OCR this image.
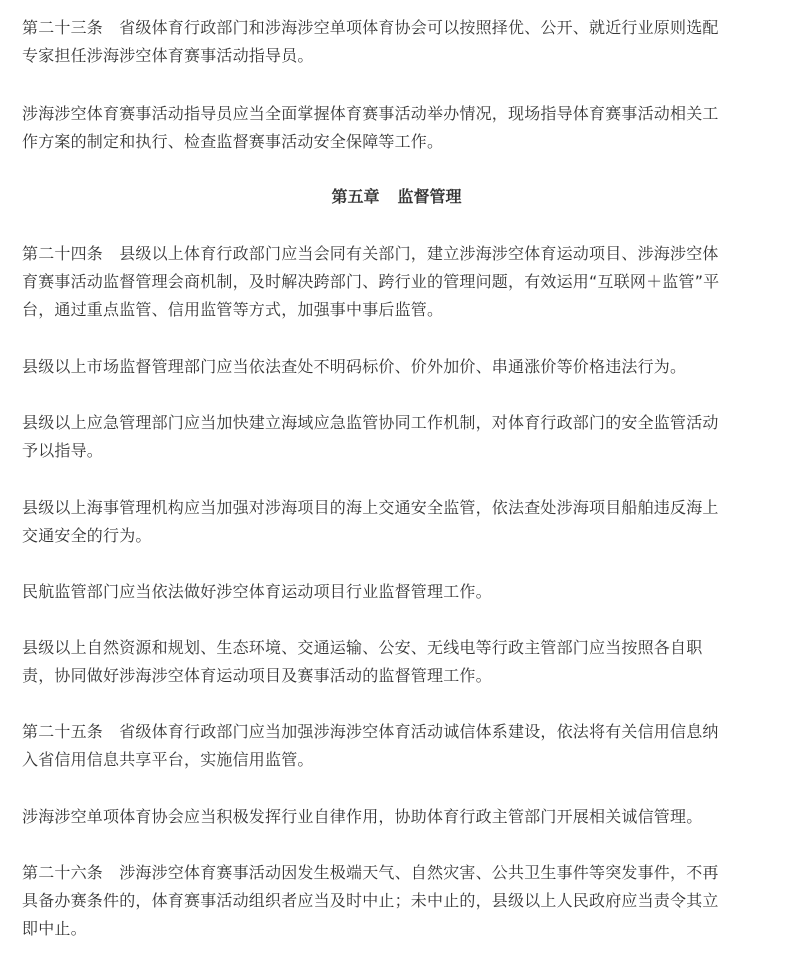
第二十三条　省级体育行政部门和涉海涉空单项体育协会可以按照择优、公开、就近行业原则选配
专家担任涉海涉空体育赛事活动指导员。

涉海涉空体育赛事活动指导员应当全面掌握体育赛事活动举办情况，现场指导体育赛事活动相关工
作方案的制定和执行、检查监督赛事活动安全保障等工作。

第五章 监督管理

第二十四条　县级以上体育行政部门应当会同有关部门，建立涉海涉空体育运动项目、涉海涉空体
育赛事活动监督管理会商机制，及时解决跨部门、跨行业的管理问题，有效运用“互联网＋监管”平
台，通过重点监管、信用监管等方式，加强事中事后监管。

县级以上市场监督管理部门应当依法查处不明码标价、价外加价、串通涨价等价格违法行为。

县级以上应急管理部门应当加快建立海域应急监管协同工作机制，对体育行政部门的安全监管活动
予以指导。

县级以上海事管理机构应当加强对涉海项目的海上交通安全监管，依法查处涉海项目船舶违反海上
交通安全的行为。

民航监管部门应当依法做好涉空体育运动项目行业监督管理工作。

县级以上自然资源和规划、生态环境、交通运输、公安、无线电等行政主管部门应当按照各自职
责，协同做好涉海涉空体育运动项目及赛事活动的监督管理工作。

第二十五条　省级体育行政部门应当加强涉海涉空体育活动诚信体系建设，依法将有关信用信息纳
入省信用信息共享平台，实施信用监管。

涉海涉空单项体育协会应当积极发挥行业自律作用，协助体育行政主管部门开展相关诚信管理。

第二十六条　涉海涉空体育赛事活动因发生极端天气、自然灾害、公共卫生事件等突发事件，不再
具备办赛条件的，体育赛事活动组织者应当及时中止；未中止的，县级以上人民政府应当责令其立
即中止。
